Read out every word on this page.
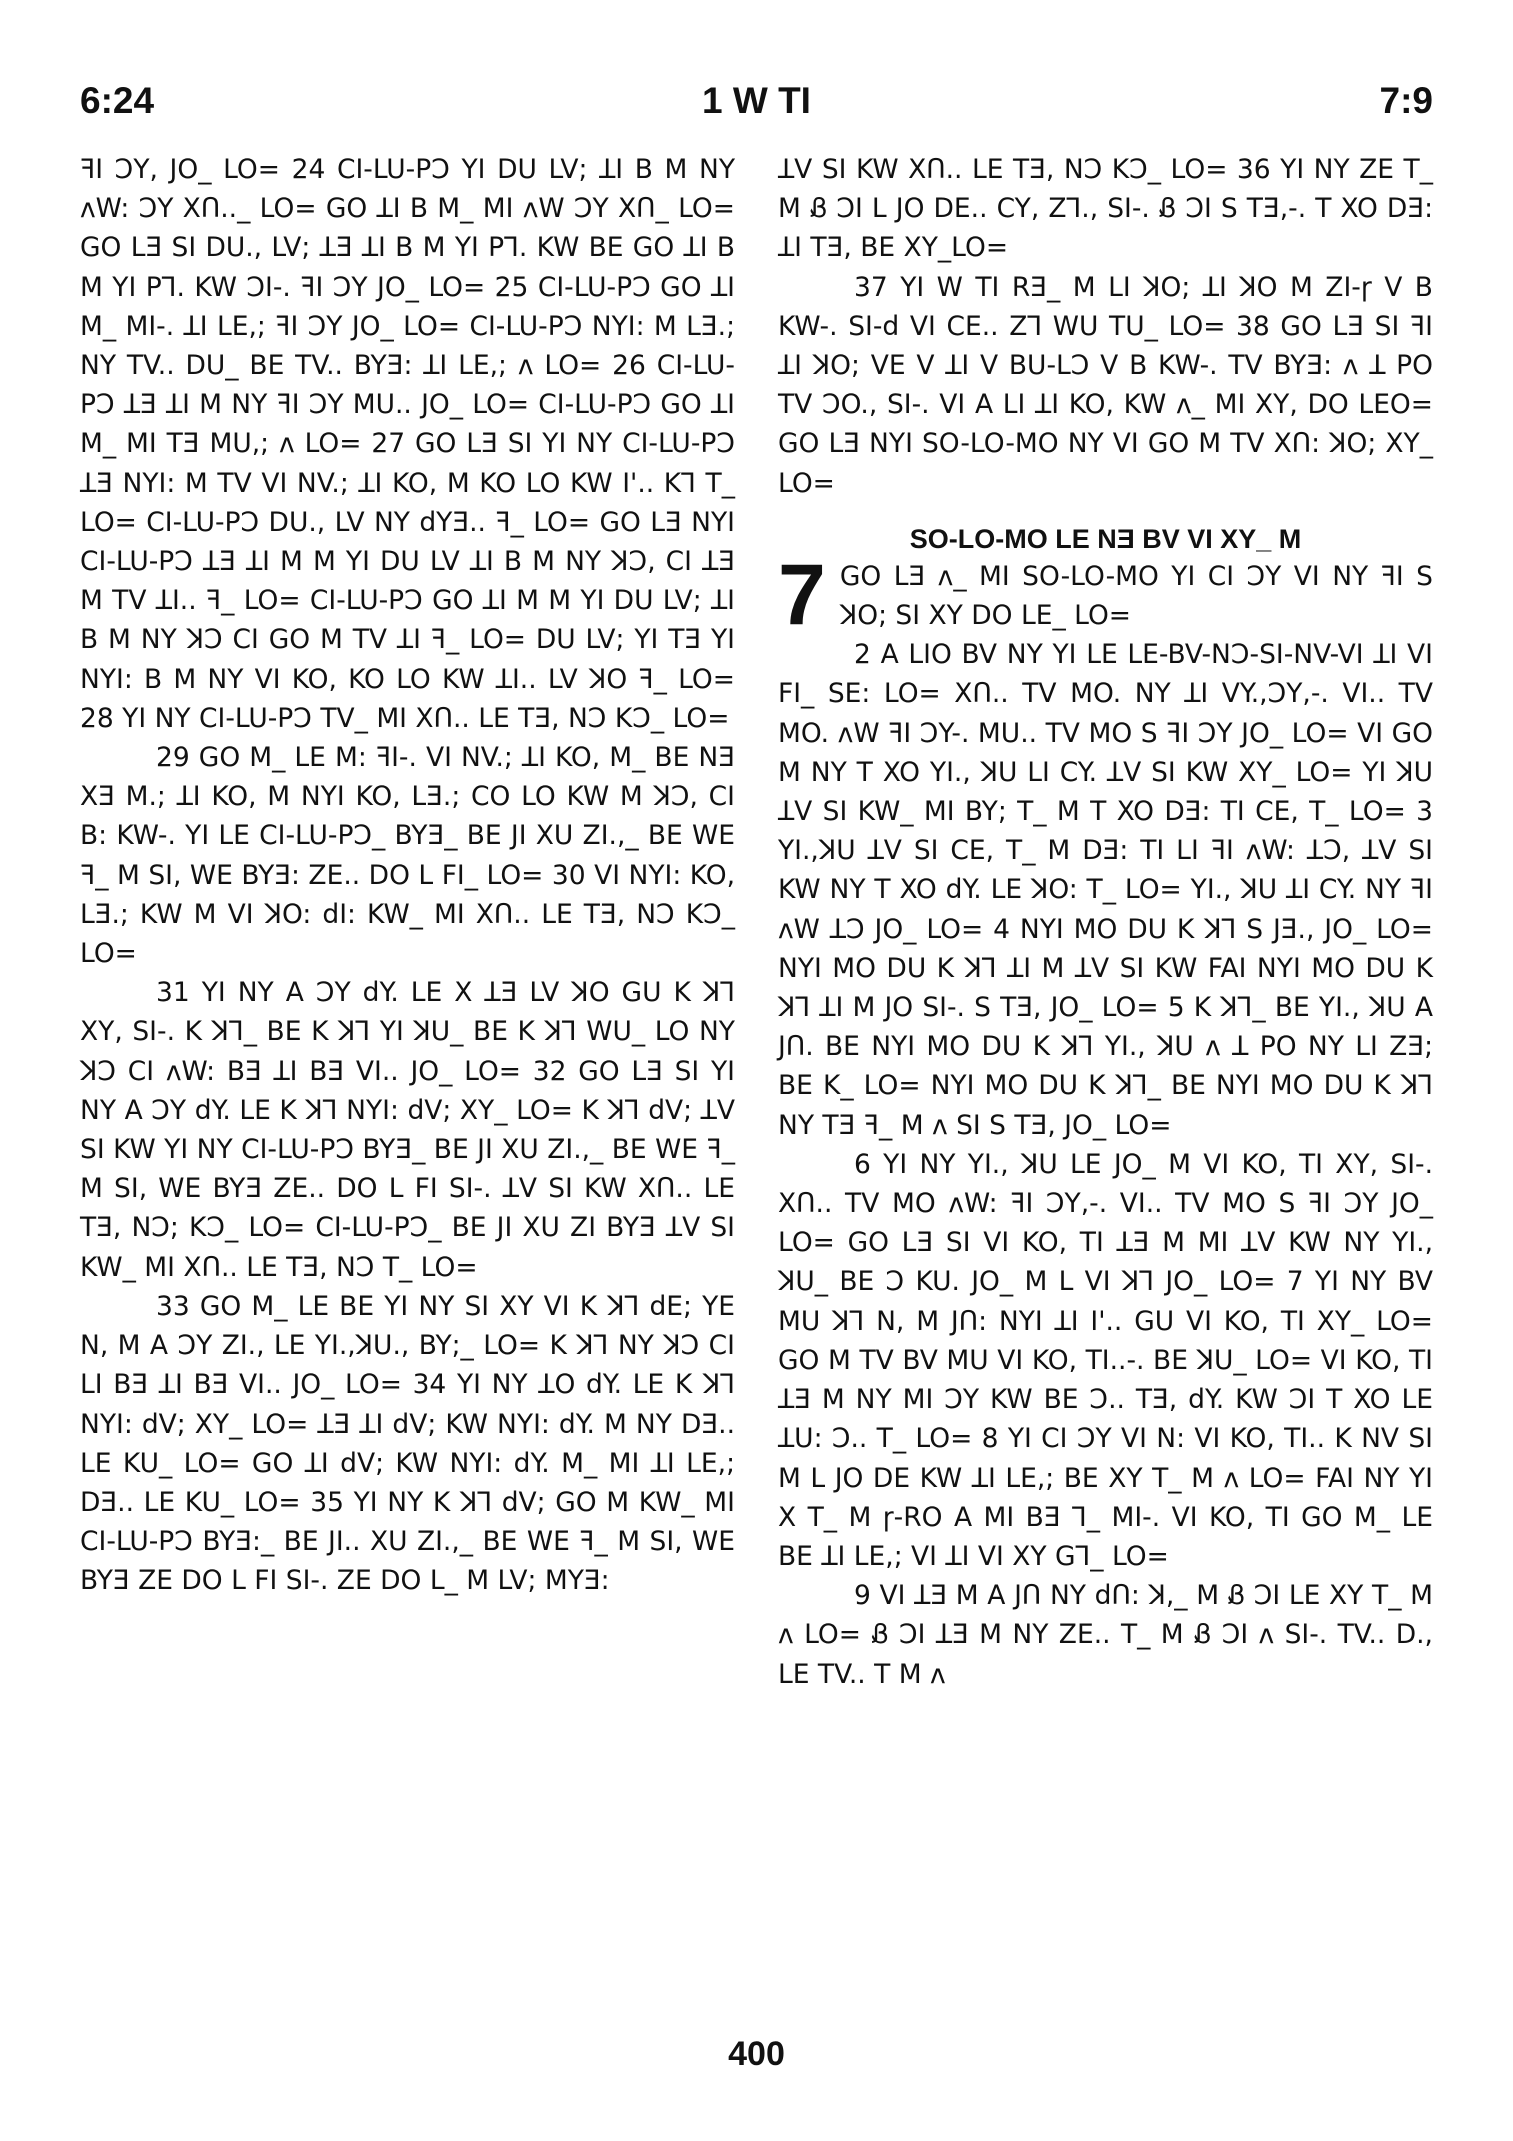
6:24	1 W TI	7:9

ꟻI ƆY, JO_ LO= 24 CI-LU-PƆ YI DU LV; ꓕI B M NY ʌW: ƆY XՈ.._ LO= GO ꓕI B M_ MI ʌW ƆY XՈ_ LO= GO LƎ SI DU., LV; ꓕƎ ꓕI B M YI Pꓶ. KW BE GO ꓕI B M YI Pꓶ. KW ƆI-. ꟻI ƆY JO_ LO= 25 CI-LU-PƆ GO ꓕI M_ MI-. ꓕI LE,; ꟻI ƆY JO_ LO= CI-LU-PƆ NYI: M LƎ.; NY TV.. DU_ BE TV.. BYƎ: ꓕI LE,; ʌ LO= 26 CI-LU-PƆ ꓕƎ ꓕI M NY ꟻI ƆY MU.. JO_ LO= CI-LU-PƆ GO ꓕI M_ MI TƎ MU,; ʌ LO= 27 GO LƎ SI YI NY CI-LU-PƆ ꓕƎ NYI: M TV VI NV.; ꓕI KO, M KO LO KW I'.. Kꓶ T_ LO= CI-LU-PƆ DU., LV NY dYƎ.. ꟻ_ LO= GO LƎ NYI CI-LU-PƆ ꓕƎ ꓕI M M YI DU LV ꓕI B M NY ꓘƆ, CI ꓕƎ M TV ꓕI.. ꟻ_ LO= CI-LU-PƆ GO ꓕI M M YI DU LV; ꓕI B M NY ꓘƆ CI GO M TV ꓕI ꟻ_ LO= DU LV; YI TƎ YI NYI: B M NY VI KO, KO LO KW ꓕI.. LV ꓘO ꟻ_ LO= 28 YI NY CI-LU-PƆ TV_ MI XՈ.. LE TƎ, NƆ KƆ_ LO=

29 GO M_ LE M: ꟻI-. VI NV.; ꓕI KO, M_ BE NƎ XƎ M.; ꓕI KO, M NYI KO, LƎ.; CO LO KW M ꓘƆ, CI B: KW-. YI LE CI-LU-PƆ_ BYƎ_ BE JI XU ZI.,_ BE WE ꟻ_ M SI, WE BYƎ: ZE.. DO L FI_ LO= 30 VI NYI: KO, LƎ.; KW M VI ꓘO: dI: KW_ MI XՈ.. LE TƎ, NƆ KƆ_ LO=

31 YI NY A ƆY dY. LE X ꓕƎ LV ꓘO GU K ꓘꓶ XY, SI-. K ꓘꓶ_ BE K ꓘꓶ YI ꓘU_ BE K ꓘꓶ WU_ LO NY ꓘƆ CI ʌW: BƎ ꓕI BƎ VI.. JO_ LO= 32 GO LƎ SI YI NY A ƆY dY. LE K ꓘꓶ NYI: dV; XY_ LO= K ꓘꓶ dV; ꓕV SI KW YI NY CI-LU-PƆ BYƎ_ BE JI XU ZI.,_ BE WE ꟻ_ M SI, WE BYƎ ZE.. DO L FI SI-. ꓕV SI KW XՈ.. LE TƎ, NƆ; KƆ_ LO= CI-LU-PƆ_ BE JI XU ZI BYƎ ꓕV SI KW_ MI XՈ.. LE TƎ, NƆ T_ LO=

33 GO M_ LE BE YI NY SI XY VI K ꓘꓶ dE; YE N, M A ƆY ZI., LE YI.,ꓘU., BY;_ LO= K ꓘꓶ NY ꓘƆ CI LI BƎ ꓕI BƎ VI.. JO_ LO= 34 YI NY ꓕO dY. LE K ꓘꓶ NYI: dV; XY_ LO= ꓕƎ ꓕI dV; KW NYI: dY. M NY DƎ.. LE KU_ LO= GO ꓕI dV; KW NYI: dY. M_ MI ꓕI LE,; DƎ.. LE KU_ LO= 35 YI NY K ꓘꓶ dV; GO M KW_ MI CI-LU-PƆ BYƎ:_ BE JI.. XU ZI.,_ BE WE ꟻ_ M SI, WE BYƎ ZE DO L FI SI-. ZE DO L_ M LV; MYƎ:

ꓕV SI KW XՈ.. LE TƎ, NƆ KƆ_ LO= 36 YI NY ZE T_ M Ᏸ ƆI L JO DE.. CY, Zꓶ., SI-. Ᏸ ƆI S TƎ,-. T XO DƎ: ꓕI TƎ, BE XY_LO=

37 YI W TI RƎ_ M LI ꓘO; ꓕI ꓘO M ZI-ɼ V B KW-. SI-d VI CE.. Zꓶ WU TU_ LO= 38 GO LƎ SI ꟻI ꓕI ꓘO; VE V ꓕI V BU-LƆ V B KW-. TV BYƎ: ʌ ꓕ PO TV ƆO., SI-. VI A LI ꓕI KO, KW ʌ_ MI XY, DO LEO= GO LƎ NYI SO-LO-MO NY VI GO M TV XՈ: ꓘO; XY_ LO=

SO-LO-MO LE NƎ BV VI XY_ M
7 GO LƎ ʌ_ MI SO-LO-MO YI CI ƆY VI NY ꟻI S ꓘO; SI XY DO LE_ LO=

2 A LIO BV NY YI LE LE-BV-NƆ-SI-NV-VI ꓕI VI FI_ SE: LO= XՈ.. TV MO. NY ꓕI VY.,ƆY,-. VI.. TV MO. ʌW ꟻI ƆY-. MU.. TV MO S ꟻI ƆY JO_ LO= VI GO M NY T XO YI., ꓘU LI CY. ꓕV SI KW XY_ LO= YI ꓘU ꓕV SI KW_ MI BY; T_ M T XO DƎ: TI CE, T_ LO= 3 YI.,ꓘU ꓕV SI CE, T_ M DƎ: TI LI ꟻI ʌW: ꓕƆ, ꓕV SI KW NY T XO dY. LE ꓘO: T_ LO= YI., ꓘU ꓕI CY. NY ꟻI ʌW ꓕƆ JO_ LO= 4 NYI MO DU K ꓘꓶ S JƎ., JO_ LO= NYI MO DU K ꓘꓶ ꓕI M ꓕV SI KW FAI NYI MO DU K ꓘꓶ ꓕI M JO SI-. S TƎ, JO_ LO= 5 K ꓘꓶ_ BE YI., ꓘU A JՈ. BE NYI MO DU K ꓘꓶ YI., ꓘU ʌ ꓕ PO NY LI ZƎ; BE K_ LO= NYI MO DU K ꓘꓶ_ BE NYI MO DU K ꓘꓶ NY TƎ ꟻ_ M ʌ SI S TƎ, JO_ LO=

6 YI NY YI., ꓘU LE JO_ M VI KO, TI XY, SI-. XՈ.. TV MO ʌW: ꟻI ƆY,-. VI.. TV MO S ꟻI ƆY JO_ LO= GO LƎ SI VI KO, TI ꓕƎ M MI ꓕV KW NY YI., ꓘU_ BE Ɔ KU. JO_ M L VI ꓘꓶ JO_ LO= 7 YI NY BV MU ꓘꓶ N, M JՈ: NYI ꓕI I'.. GU VI KO, TI XY_ LO= GO M TV BV MU VI KO, TI..-. BE ꓘU_ LO= VI KO, TI ꓕƎ M NY MI ƆY KW BE Ɔ.. TƎ, dY. KW ƆI T XO LE ꓕU: Ɔ.. T_ LO= 8 YI CI ƆY VI N: VI KO, TI.. K NV SI M L JO DE KW ꓕI LE,; BE XY T_ M ʌ LO= FAI NY YI X T_ M ɼ-RO A MI BƎ ꓶ_ MI-. VI KO, TI GO M_ LE BE ꓕI LE,; VI ꓕI VI XY Gꓶ_ LO=

9 VI ꓕƎ M A JՈ NY dՈ: ꓘ,_ M Ᏸ ƆI LE XY T_ M ʌ LO= Ᏸ ƆI ꓕƎ M NY ZE.. T_ M Ᏸ ƆI ʌ SI-. TV.. D., LE TV.. T M ʌ

400
